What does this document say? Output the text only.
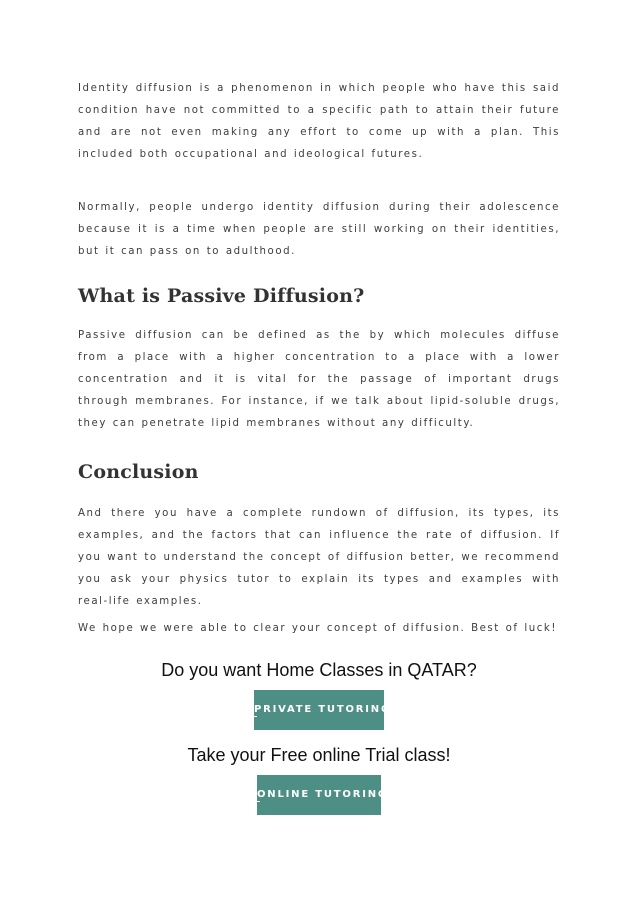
Identity diffusion is a phenomenon in which people who have this said condition have not committed to a specific path to attain their future and are not even making any effort to come up with a plan. This included both occupational and ideological futures.

Normally, people undergo identity diffusion during their adolescence because it is a time when people are still working on their identities, but it can pass on to adulthood.

What is Passive Diffusion?

Passive diffusion can be defined as the by which molecules diffuse from a place with a higher concentration to a place with a lower concentration and it is vital for the passage of important drugs through membranes. For instance, if we talk about lipid-soluble drugs, they can penetrate lipid membranes without any difficulty.

Conclusion

And there you have a complete rundown of diffusion, its types, its examples, and the factors that can influence the rate of diffusion. If you want to understand the concept of diffusion better, we recommend you ask your physics tutor to explain its types and examples with real-life examples.

We hope we were able to clear your concept of diffusion. Best of luck!

Do you want Home Classes in QATAR?

PRIVATE TUTORING

Take your Free online Trial class!

ONLINE TUTORING
